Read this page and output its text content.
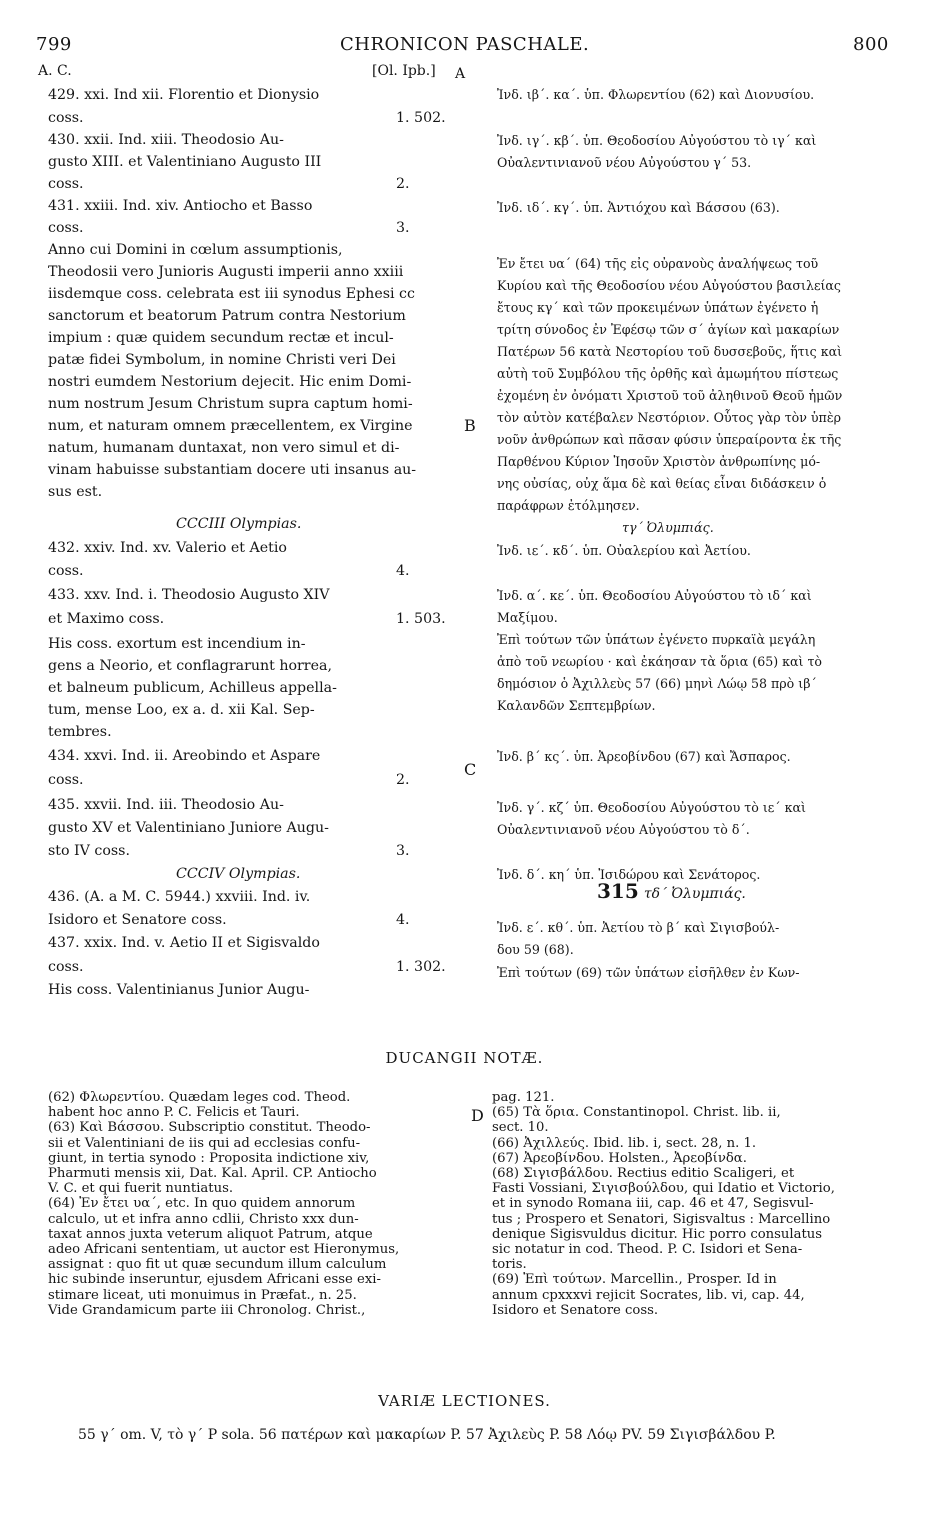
799	CHRONICON PASCHALE.	800
A. C.	[Ol. Ipb.] A
429. xxi. Ind xii. Florentio et Dionysio
coss.	1. 502.
430. xxii. Ind. xiii. Theodosio Au-
gusto XIII. et Valentiniano Augusto III
coss.	2.
431. xxiii. Ind. xiv. Antiocho et Basso
coss.	3.
Anno cui Domini in cœlum assumptionis,
Theodosii vero Junioris Augusti imperii anno xxiii
iisdemque coss. celebrata est iii synodus Ephesi cc
sanctorum et beatorum Patrum contra Nestorium
impium : quæ quidem secundum rectæ et incul-
patæ fidei Symbolum, in nomine Christi veri Dei
nostri eumdem Nestorium dejecit. Hic enim Domi-
num nostrum Jesum Christum supra captum homi-
num, et naturam omnem præcellentem, ex Virgine
natum, humanam duntaxat, non vero simul et di-
vinam habuisse substantiam docere uti insanus au-
sus est.
CCCIII Olympias.
432. xxiv. Ind. xv. Valerio et Aetio
coss.	4.
433. xxv. Ind. i. Theodosio Augusto XIV
et Maximo coss.	1. 503.
His coss. exortum est incendium in-
gens a Neorio, et conflagrarunt horrea,
et balneum publicum, Achilleus appella-
tum, mense Loo, ex a. d. xii Kal. Sep-
tembres.
434. xxvi. Ind. ii. Areobindo et Aspare
coss.	2.
435. xxvii. Ind. iii. Theodosio Au-
gusto XV et Valentiniano Juniore Augu-
sto IV coss.	3.
CCCIV Olympias.
436. (A. a M. C. 5944.) xxviii. Ind. iv.
Isidoro et Senatore coss.	4.
437. xxix. Ind. v. Aetio II et Sigisvaldo
coss.	1. 302.
His coss. Valentinianus Junior Augu-
Ἰνδ. ιβ΄. κα΄. ὑπ. Φλωρεντίου (62) καὶ Διονυσίου.
Ἰνδ. ιγ΄. κβ΄. ὑπ. Θεοδοσίου Αὐγούστου τὸ ιγ΄ καὶ
Οὐαλεντινιανοῦ νέου Αὐγούστου γ΄ 53.
Ἰνδ. ιδ΄. κγ΄. ὑπ. Ἀντιόχου καὶ Βάσσου (63).
Ἐν ἔτει υα΄ (64) τῆς εἰς οὐρανοὺς ἀναλήψεως τοῦ
Κυρίου καὶ τῆς Θεοδοσίου νέου Αὐγούστου βασιλείας
ἔτους κγ΄ καὶ τῶν προκειμένων ὑπάτων ἐγένετο ἡ
τρίτη σύνοδος ἐν Ἐφέσῳ τῶν σ΄ ἁγίων καὶ μακαρίων
Πατέρων 56 κατὰ Νεστορίου τοῦ δυσσεβοῦς, ἥτις καὶ
αὐτὴ τοῦ Συμβόλου τῆς ὀρθῆς καὶ ἀμωμήτου πίστεως
ἐχομένη ἐν ὀνόματι Χριστοῦ τοῦ ἀληθινοῦ Θεοῦ ἡμῶν
τὸν αὐτὸν κατέβαλεν Νεστόριον. Οὗτος γὰρ τὸν ὑπὲρ
νοῦν ἀνθρώπων καὶ πᾶσαν φύσιν ὑπεραίροντα ἐκ τῆς
Παρθένου Κύριον Ἰησοῦν Χριστὸν ἀνθρωπίνης μό-
νης οὐσίας, οὐχ ἅμα δὲ καὶ θείας εἶναι διδάσκειν ὁ
παράφρων ἐτόλμησεν.
τγ΄ Ὀλυμπιάς.
Ἰνδ. ιε΄. κδ΄. ὑπ. Οὐαλερίου καὶ Ἀετίου.
Ἰνδ. α΄. κε΄. ὑπ. Θεοδοσίου Αὐγούστου τὸ ιδ΄ καὶ
Μαξίμου.
Ἐπὶ τούτων τῶν ὑπάτων ἐγένετο πυρκαϊὰ μεγάλη
ἀπὸ τοῦ νεωρίου · καὶ ἐκάησαν τὰ ὅρια (65) καὶ τὸ
δημόσιον ὁ Ἀχιλλεὺς 57 (66) μηνὶ Λώῳ 58 πρὸ ιβ΄
Καλανδῶν Σεπτεμβρίων.
Ἰνδ. β΄ κς΄. ὑπ. Ἀρεοβίνδου (67) καὶ Ἄσπαρος.
Ἰνδ. γ΄. κζ΄ ὑπ. Θεοδοσίου Αὐγούστου τὸ ιε΄ καὶ
Οὐαλεντινιανοῦ νέου Αὐγούστου τὸ δ΄.
Ἰνδ. δ΄. κη΄ ὑπ. Ἰσιδώρου καὶ Σενάτορος.
Ἰνδ. ε΄. κθ΄. ὑπ. Ἀετίου τὸ β΄ καὶ Σιγισβούλ-
δου 59 (68).
Ἐπὶ τούτων (69) τῶν ὑπάτων εἰσῆλθεν ἐν Κων-
315 τδ΄ Ὀλυμπιάς.
B
C
D
DUCANGII NOTÆ.
(62) Φλωρεντίου. Quædam leges cod. Theod.
habent hoc anno P. C. Felicis et Tauri.
(63) Καὶ Βάσσου. Subscriptio constitut. Theodo-
sii et Valentiniani de iis qui ad ecclesias confu-
giunt, in tertia synodo : Proposita indictione xiv,
Pharmuti mensis xii, Dat. Kal. April. CP. Antiocho
V. C. et qui fuerit nuntiatus.
(64) Ἐν ἔτει υα΄, etc. In quo quidem annorum
calculo, ut et infra anno cdlii, Christo xxx dun-
taxat annos juxta veterum aliquot Patrum, atque
adeo Africani sententiam, ut auctor est Hieronymus,
assignat : quo fit ut quæ secundum illum calculum
hic subinde inseruntur, ejusdem Africani esse exi-
stimare liceat, uti monuimus in Præfat., n. 25.
Vide Grandamicum parte iii Chronolog. Christ.,
pag. 121.
(65) Τὰ ὅρια. Constantinopol. Christ. lib. ii,
sect. 10.
(66) Ἀχιλλεύς. Ibid. lib. i, sect. 28, n. 1.
(67) Ἀρεοβίνδου. Holsten., Ἀρεοβίνδα.
(68) Σιγισβάλδου. Rectius editio Scaligeri, et
Fasti Vossiani, Σιγισβούλδου, qui Idatio et Victorio,
et in synodo Romana iii, cap. 46 et 47, Segisvul-
tus ; Prospero et Senatori, Sigisvaltus : Marcellino
denique Sigisvuldus dicitur. Hic porro consulatus
sic notatur in cod. Theod. P. C. Isidori et Sena-
toris.
(69) Ἐπὶ τούτων. Marcellin., Prosper. Id in
annum cpxxxvi rejicit Socrates, lib. vi, cap. 44,
Isidoro et Senatore coss.
VARIÆ LECTIONES.
55 γ΄ om. V, τὸ γ΄ P sola. 56 πατέρων καὶ μακαρίων P. 57 Ἀχιλεὺς P. 58 Λόῳ PV. 59 Σιγισβάλδου P.
